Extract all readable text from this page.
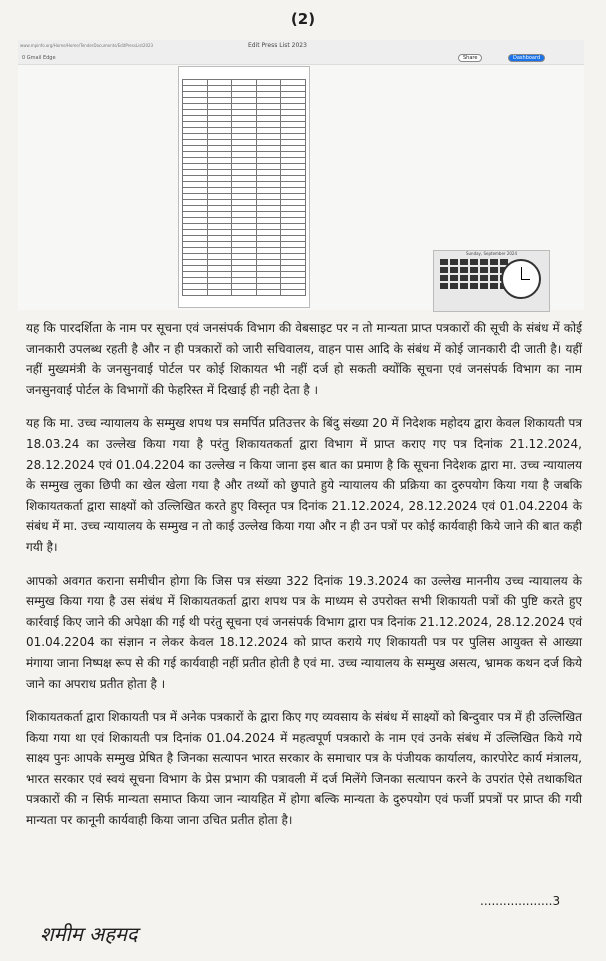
(2)
www.mpinfo.org/Home/Home/TenderDocuments/EditPressList2023	Edit Press List 2023
0 Gmail Edge	Share	Dashboard

Sunday, September 2024

यह कि पारदर्शिता के नाम पर सूचना एवं जनसंपर्क विभाग की वेबसाइट पर न तो मान्यता प्राप्त पत्रकारों की सूची के संबंध में कोई जानकारी उपलब्ध रहती है और न ही पत्रकारों को जारी सचिवालय, वाहन पास आदि के संबंध में कोई जानकारी दी जाती है। यहीं नहीं मुख्यमंत्री के जनसुनवाई पोर्टल पर कोई शिकायत भी नहीं दर्ज हो सकती क्योंकि सूचना एवं जनसंपर्क विभाग का नाम जनसुनवाई पोर्टल के विभागों की फेहरिस्त में दिखाई ही नही देता है ।

यह कि मा. उच्च न्यायालय के सम्मुख शपथ पत्र समर्पित प्रतिउत्तर के बिंदु संख्या 20 में निदेशक महोदय द्वारा केवल शिकायती पत्र 18.03.24 का उल्लेख किया गया है परंतु शिकायतकर्ता द्वारा विभाग में प्राप्त कराए गए पत्र दिनांक 21.12.2024, 28.12.2024 एवं 01.04.2204 का उल्लेख न किया जाना इस बात का प्रमाण है कि सूचना निदेशक द्वारा मा. उच्च न्यायालय के सम्मुख लुका छिपी का खेल खेला गया है और तथ्यों को छुपाते हुये न्यायालय की प्रक्रिया का दुरुपयोग किया गया है जबकि शिकायतकर्ता द्वारा साक्ष्यों को उल्लिखित करते हुए विस्तृत पत्र दिनांक 21.12.2024, 28.12.2024 एवं 01.04.2204 के संबंध में मा. उच्च न्यायालय के सम्मुख न तो काई उल्लेख किया गया और न ही उन पत्रों पर कोई कार्यवाही किये जाने की बात कही गयी है।

आपको अवगत कराना समीचीन होगा कि जिस पत्र संख्या 322 दिनांक 19.3.2024 का उल्लेख माननीय उच्च न्यायालय के सम्मुख किया गया है उस संबंध में शिकायतकर्ता द्वारा शपथ पत्र के माध्यम से उपरोक्त सभी शिकायती पत्रों की पुष्टि करते हुए कार्रवाई किए जाने की अपेक्षा की गई थी परंतु सूचना एवं जनसंपर्क विभाग द्वारा पत्र दिनांक 21.12.2024, 28.12.2024 एवं 01.04.2204 का संज्ञान न लेकर केवल 18.12.2024 को प्राप्त कराये गए शिकायती पत्र पर पुलिस आयुक्त से आख्या मंगाया जाना निष्पक्ष रूप से की गई कार्यवाही नहीं प्रतीत होती है एवं मा. उच्च न्यायालय के सम्मुख असत्य, भ्रामक कथन दर्ज किये जाने का अपराध प्रतीत होता है ।

शिकायतकर्ता द्वारा शिकायती पत्र में अनेक पत्रकारों के द्वारा किए गए व्यवसाय के संबंध में साक्ष्यों को बिन्दुवार पत्र में ही उल्लिखित किया गया था एवं शिकायती पत्र दिनांक 01.04.2024 में महत्वपूर्ण पत्रकारो के नाम एवं उनके संबंध में उल्लिखित किये गये साक्ष्य पुनः आपके सम्मुख प्रेषित है जिनका सत्यापन भारत सरकार के समाचार पत्र के पंजीयक कार्यालय, कारपोरेट कार्य मंत्रालय, भारत सरकार एवं स्वयं सूचना विभाग के प्रेस प्रभाग की पत्रावली में दर्ज मिलेंगे जिनका सत्यापन करने के उपरांत ऐसे तथाकथित पत्रकारों की न सिर्फ मान्यता समाप्त किया जान न्यायहित में होगा बल्कि मान्यता के दुरुपयोग एवं फर्जी प्रपत्रों पर प्राप्त की गयी मान्यता पर कानूनी कार्यवाही किया जाना उचित प्रतीत होता है।

...................3
शमीम अहमद
